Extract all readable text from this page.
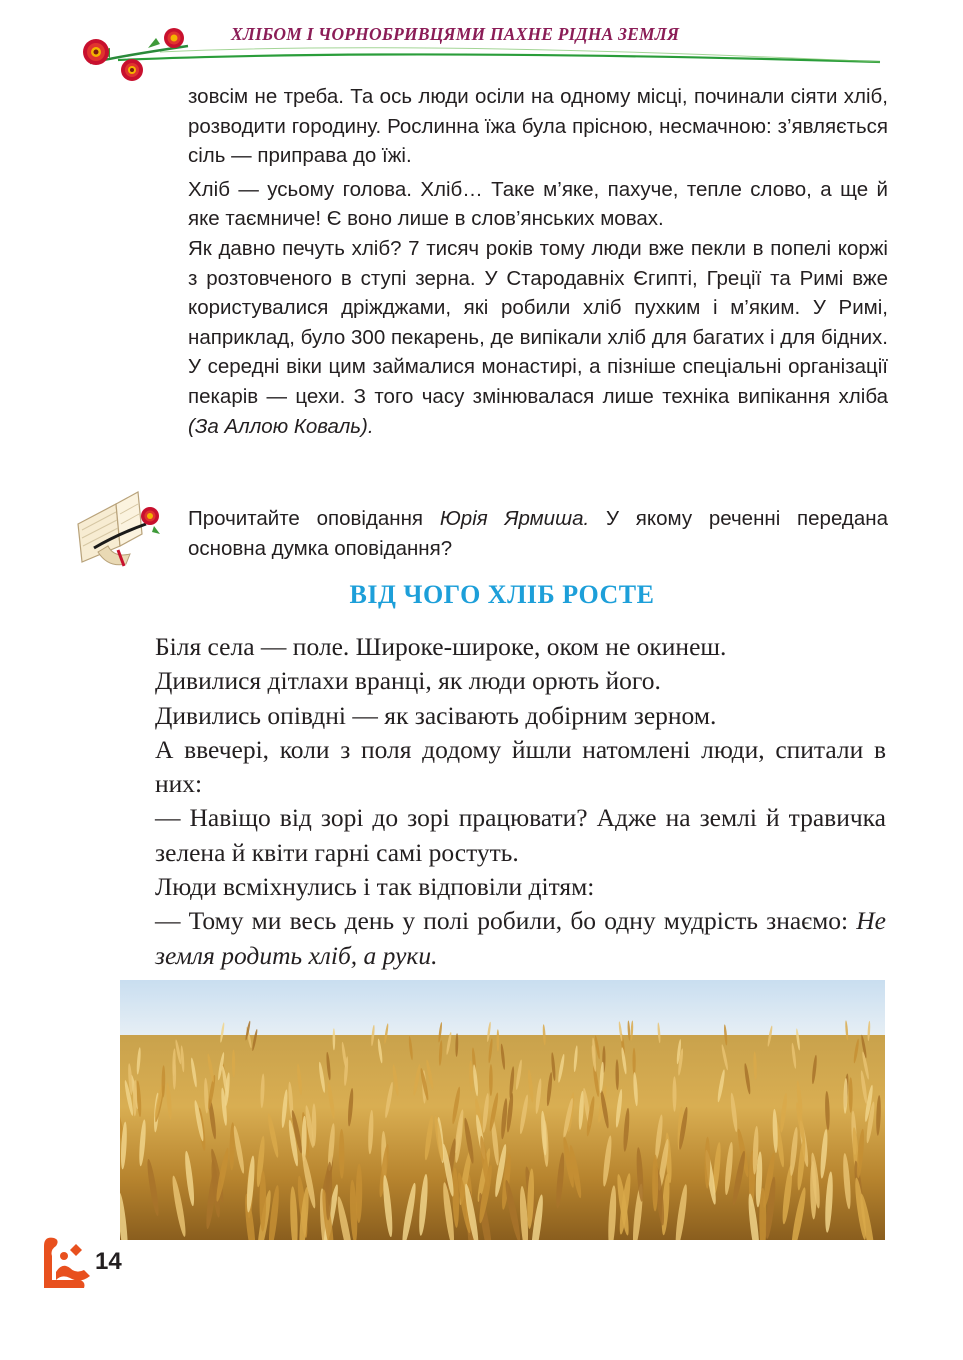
ХЛІБОМ І ЧОРНОБРИВЦЯМИ ПАХНЕ РІДНА ЗЕМЛЯ

зовсім не треба. Та ось люди осіли на одному місці, починали сіяти хліб, розводити городину. Рослинна їжа була прісною, несмачною: з’являється сіль — приправа до їжі.

Хліб — усьому голова. Хліб… Таке м’яке, пахуче, тепле слово, а ще й яке таємниче! Є воно лише в слов’янських мовах.

Як давно печуть хліб? 7 тисяч років тому люди вже пекли в попелі коржі з розтовченого в ступі зерна. У Стародавніх Єгипті, Греції та Римі вже користувалися дріжджами, які робили хліб пухким і м’яким. У Римі, наприклад, було 300 пекарень, де випікали хліб для багатих і для бідних. У середні віки цим займалися монастирі, а пізніше спеціальні організації пекарів — цехи. З того часу змінювалася лише техніка випікання хліба (За Аллою Коваль).

Прочитайте оповідання Юрія Ярмиша. У якому реченні передана основна думка оповідання?

ВІД ЧОГО ХЛІБ РОСТЕ

Біля села — поле. Широке-широке, оком не окинеш.

Дивилися дітлахи вранці, як люди орють його.

Дивились опівдні — як засівають добірним зерном.

А ввечері, коли з поля додому йшли натомлені люди, спитали в них:

— Навіщо від зорі до зорі працювати? Адже на землі й травичка зелена й квіти гарні самі ростуть.

Люди всміхнулись і так відповіли дітям:

— Тому ми весь день у полі робили, бо одну мудрість знаємо: Не земля родить хліб, а руки.

14
